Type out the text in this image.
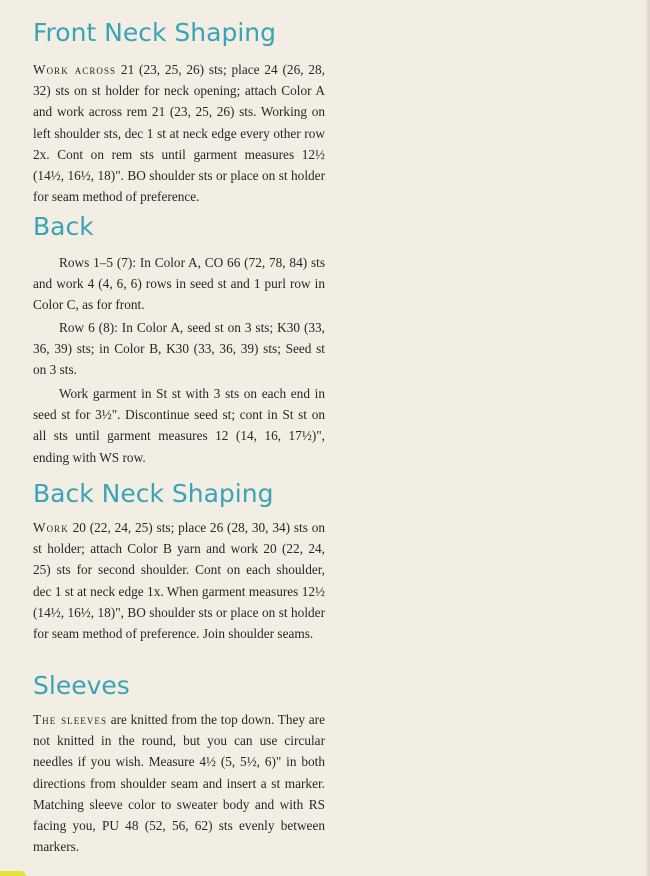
Front Neck Shaping

Work across 21 (23, 25, 26) sts; place 24 (26, 28, 32) sts on st holder for neck opening; attach Color A and work across rem 21 (23, 25, 26) sts. Working on left shoulder sts, dec 1 st at neck edge every other row 2x. Cont on rem sts until garment measures 12½ (14½, 16½, 18)". BO shoulder sts or place on st holder for seam method of preference.

Back

Rows 1–5 (7): In Color A, CO 66 (72, 78, 84) sts and work 4 (4, 6, 6) rows in seed st and 1 purl row in Color C, as for front.

Row 6 (8): In Color A, seed st on 3 sts; K30 (33, 36, 39) sts; in Color B, K30 (33, 36, 39) sts; Seed st on 3 sts.

Work garment in St st with 3 sts on each end in seed st for 3½". Discontinue seed st; cont in St st on all sts until garment measures 12 (14, 16, 17½)", ending with WS row.

Back Neck Shaping

Work 20 (22, 24, 25) sts; place 26 (28, 30, 34) sts on st holder; attach Color B yarn and work 20 (22, 24, 25) sts for second shoulder. Cont on each shoulder, dec 1 st at neck edge 1x. When garment measures 12½ (14½, 16½, 18)", BO shoulder sts or place on st holder for seam method of preference. Join shoulder seams.

Sleeves

The sleeves are knitted from the top down. They are not knitted in the round, but you can use circular needles if you wish. Measure 4½ (5, 5½, 6)" in both directions from shoulder seam and insert a st marker. Matching sleeve color to sweater body and with RS facing you, PU 48 (52, 56, 62) sts evenly between markers.
